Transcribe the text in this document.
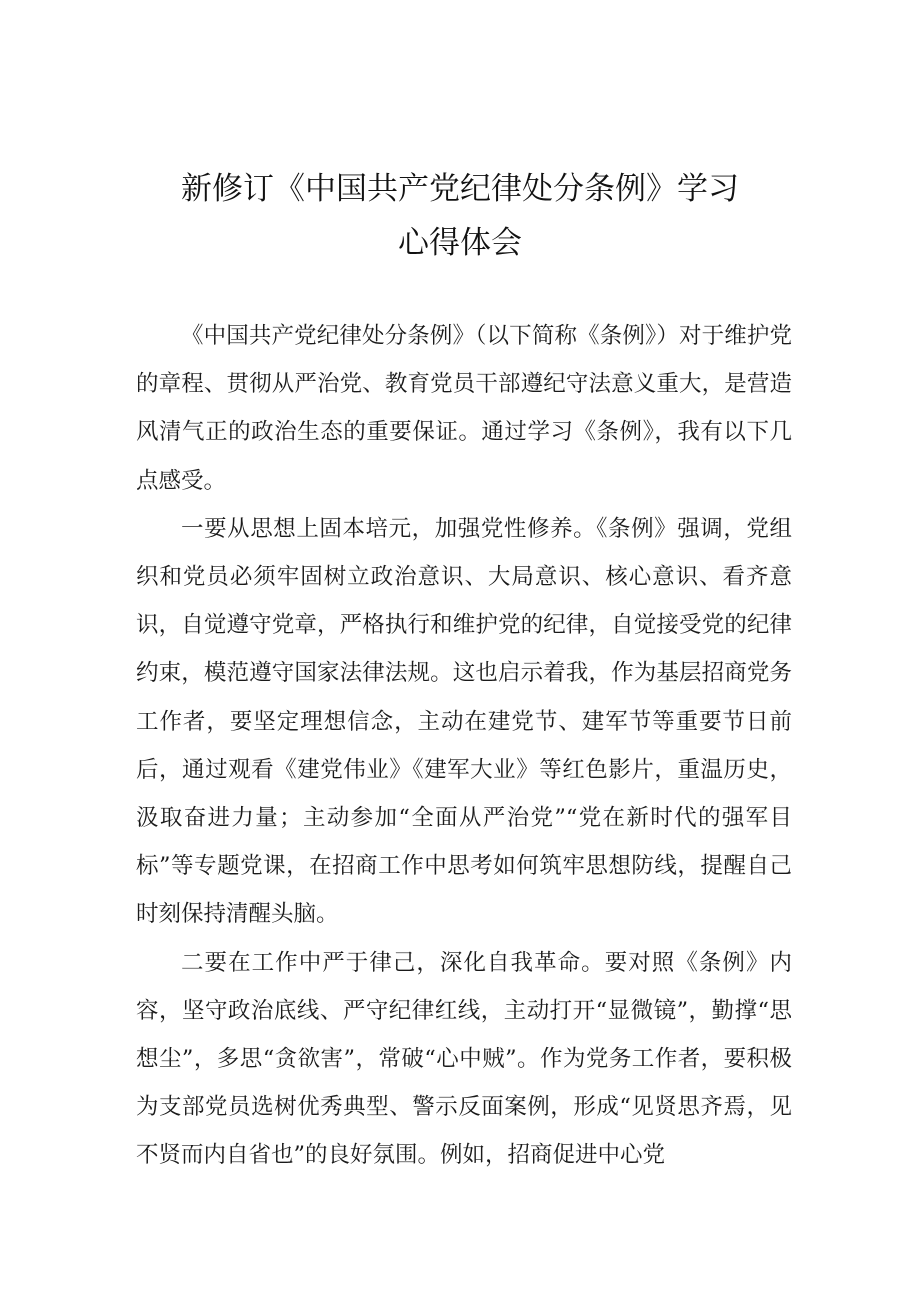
新修订《中国共产党纪律处分条例》学习
心得体会

《中国共产党纪律处分条例》（以下简称《条例》）对于维护党的章程、贯彻从严治党、教育党员干部遵纪守法意义重大，是营造风清气正的政治生态的重要保证。通过学习《条例》，我有以下几点感受。

一要从思想上固本培元，加强党性修养。《条例》强调，党组织和党员必须牢固树立政治意识、大局意识、核心意识、看齐意识，自觉遵守党章，严格执行和维护党的纪律，自觉接受党的纪律约束，模范遵守国家法律法规。这也启示着我，作为基层招商党务工作者，要坚定理想信念，主动在建党节、建军节等重要节日前后，通过观看《建党伟业》《建军大业》等红色影片，重温历史，汲取奋进力量；主动参加“全面从严治党”“党在新时代的强军目标”等专题党课，在招商工作中思考如何筑牢思想防线，提醒自己时刻保持清醒头脑。

二要在工作中严于律己，深化自我革命。要对照《条例》内容，坚守政治底线、严守纪律红线，主动打开“显微镜”，勤撑“思想尘”，多思“贪欲害”，常破“心中贼”。作为党务工作者，要积极为支部党员选树优秀典型、警示反面案例，形成“见贤思齐焉，见不贤而内自省也”的良好氛围。例如，招商促进中心党
